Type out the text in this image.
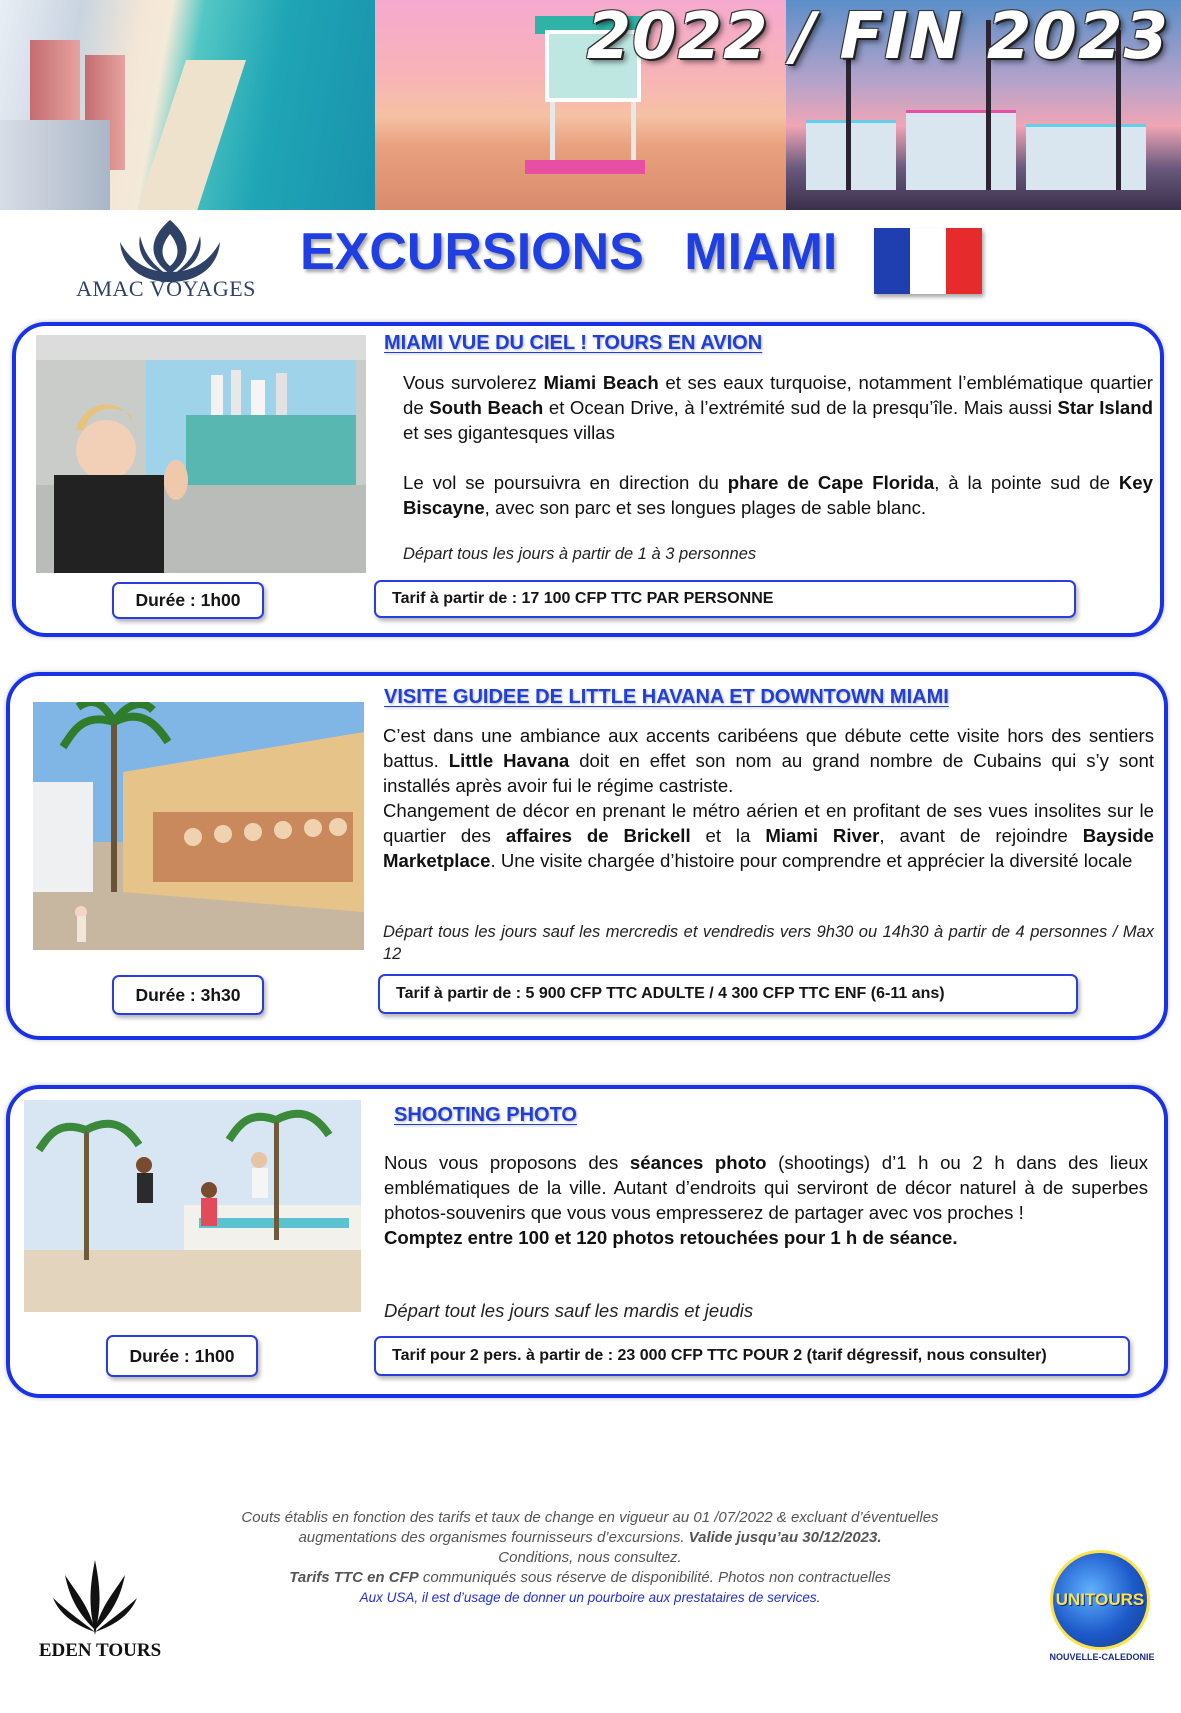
2022 / FIN 2023
AMAC VOYAGES
EXCURSIONS MIAMI
MIAMI VUE DU CIEL ! TOURS EN AVION

Vous survolerez Miami Beach et ses eaux turquoise, notamment l’emblématique quartier de South Beach et Ocean Drive, à l’extrémité sud de la presqu’île. Mais aussi Star Island et ses gigantesques villas

Le vol se poursuivra en direction du phare de Cape Florida, à la pointe sud de Key Biscayne, avec son parc et ses longues plages de sable blanc.

Départ tous les jours à partir de 1 à 3 personnes
Durée : 1h00	Tarif à partir de : 17 100 CFP TTC PAR PERSONNE
VISITE GUIDEE DE LITTLE HAVANA ET DOWNTOWN MIAMI

C’est dans une ambiance aux accents caribéens que débute cette visite hors des sentiers battus. Little Havana doit en effet son nom au grand nombre de Cubains qui s’y sont installés après avoir fui le régime castriste.

Changement de décor en prenant le métro aérien et en profitant de ses vues insolites sur le quartier des affaires de Brickell et la Miami River, avant de rejoindre Bayside Marketplace. Une visite chargée d’histoire pour comprendre et apprécier la diversité locale

Départ tous les jours sauf les mercredis et vendredis vers 9h30 ou 14h30 à partir de 4 personnes / Max 12
Durée : 3h30	Tarif à partir de : 5 900 CFP TTC ADULTE / 4 300 CFP TTC ENF (6-11 ans)
SHOOTING PHOTO

Nous vous proposons des séances photo (shootings) d’1 h ou 2 h dans des lieux emblématiques de la ville. Autant d’endroits qui serviront de décor naturel à de superbes photos-souvenirs que vous vous empresserez de partager avec vos proches !

Comptez entre 100 et 120 photos retouchées pour 1 h de séance.

Départ tout les jours sauf les mardis et jeudis
Durée : 1h00	Tarif pour 2 pers. à partir de : 23 000 CFP TTC POUR 2 (tarif dégressif, nous consulter)
Couts établis en fonction des tarifs et taux de change en vigueur au 01 /07/2022 & excluant d’éventuelles
augmentations des organismes fournisseurs d’excursions. Valide jusqu’au 30/12/2023.
Conditions, nous consultez.
Tarifs TTC en CFP communiqués sous réserve de disponibilité. Photos non contractuelles
Aux USA, il est d’usage de donner un pourboire aux prestataires de services.
EDEN TOURS
UNITOURS
NOUVELLE-CALEDONIE
